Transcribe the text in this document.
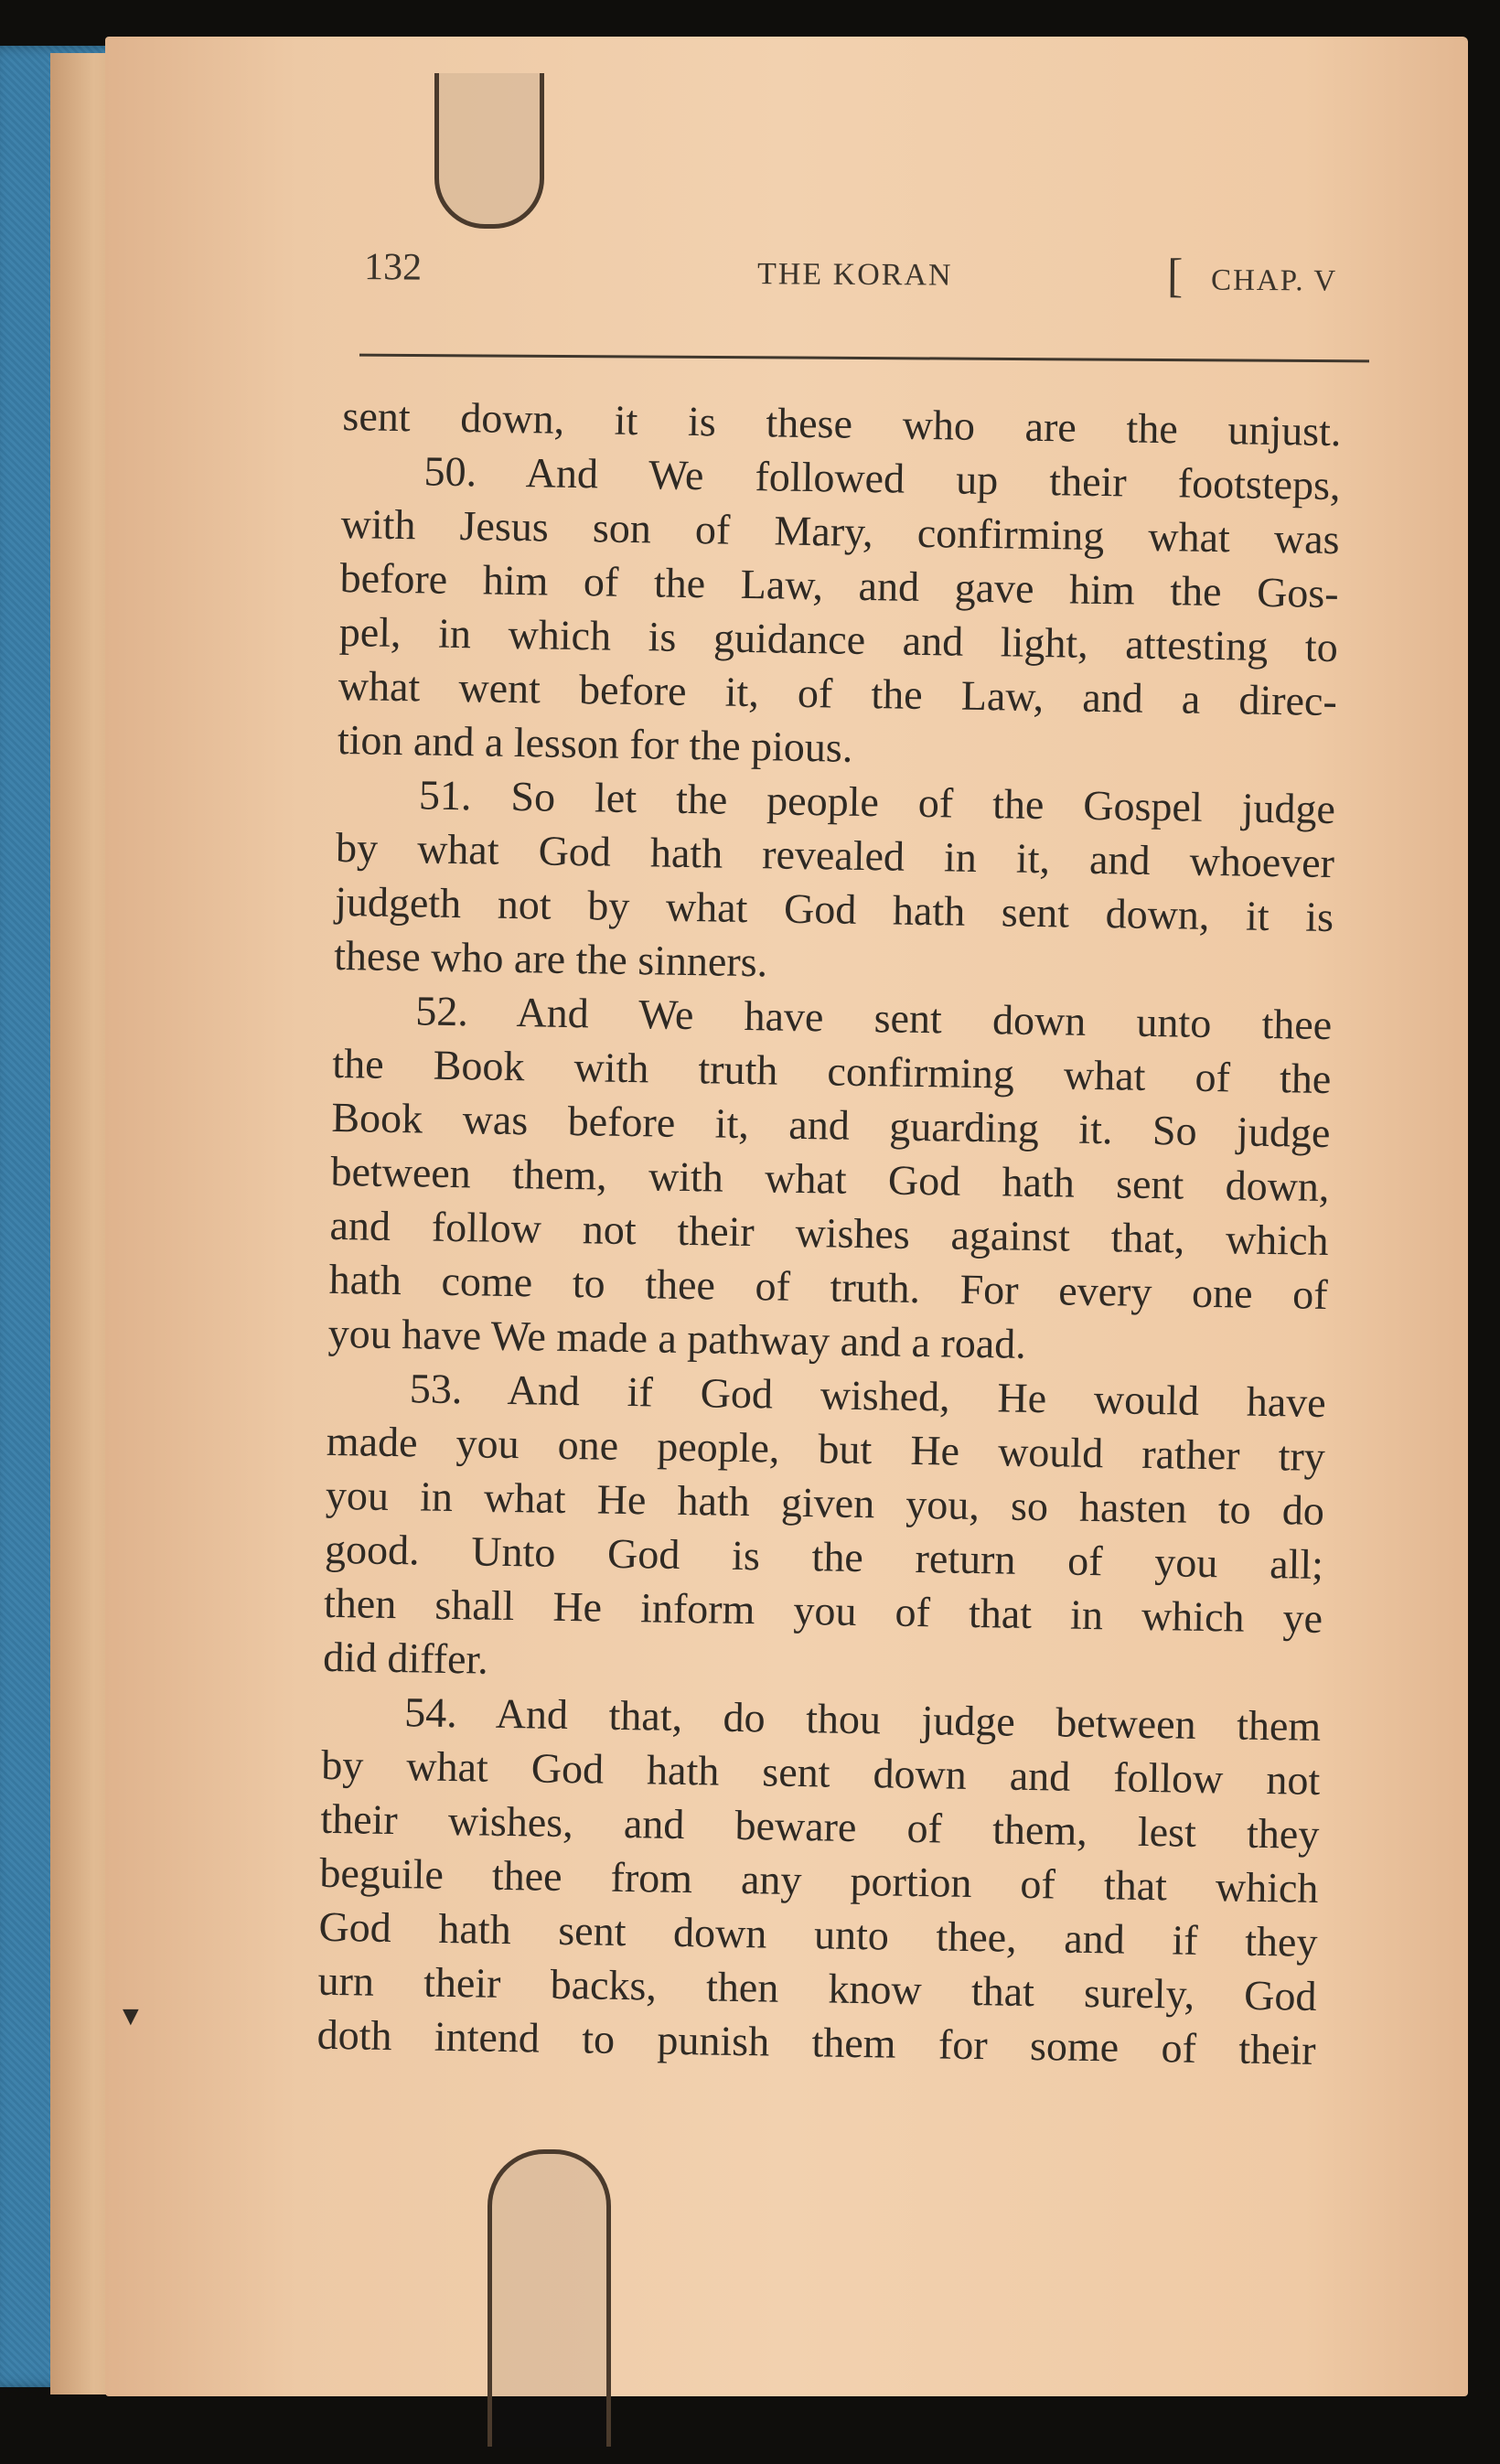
▼
132	THE KORAN	[ CHAP. V
sent down, it is these who are the unjust.
50. And We followed up their footsteps,
with Jesus son of Mary, confirming what was
before him of the Law, and gave him the Gos-
pel, in which is guidance and light, attesting to
what went before it, of the Law, and a direc-
tion and a lesson for the pious.
51. So let the people of the Gospel judge
by what God hath revealed in it, and whoever
judgeth not by what God hath sent down, it is
these who are the sinners.
52. And We have sent down unto thee
the Book with truth confirming what of the
Book was before it, and guarding it. So judge
between them, with what God hath sent down,
and follow not their wishes against that, which
hath come to thee of truth. For every one of
you have We made a pathway and a road.
53. And if God wished, He would have
made you one people, but He would rather try
you in what He hath given you, so hasten to do
good. Unto God is the return of you all;
then shall He inform you of that in which ye
did differ.
54. And that, do thou judge between them
by what God hath sent down and follow not
their wishes, and beware of them, lest they
beguile thee from any portion of that which
God hath sent down unto thee, and if they
urn their backs, then know that surely, God
doth intend to punish them for some of their
